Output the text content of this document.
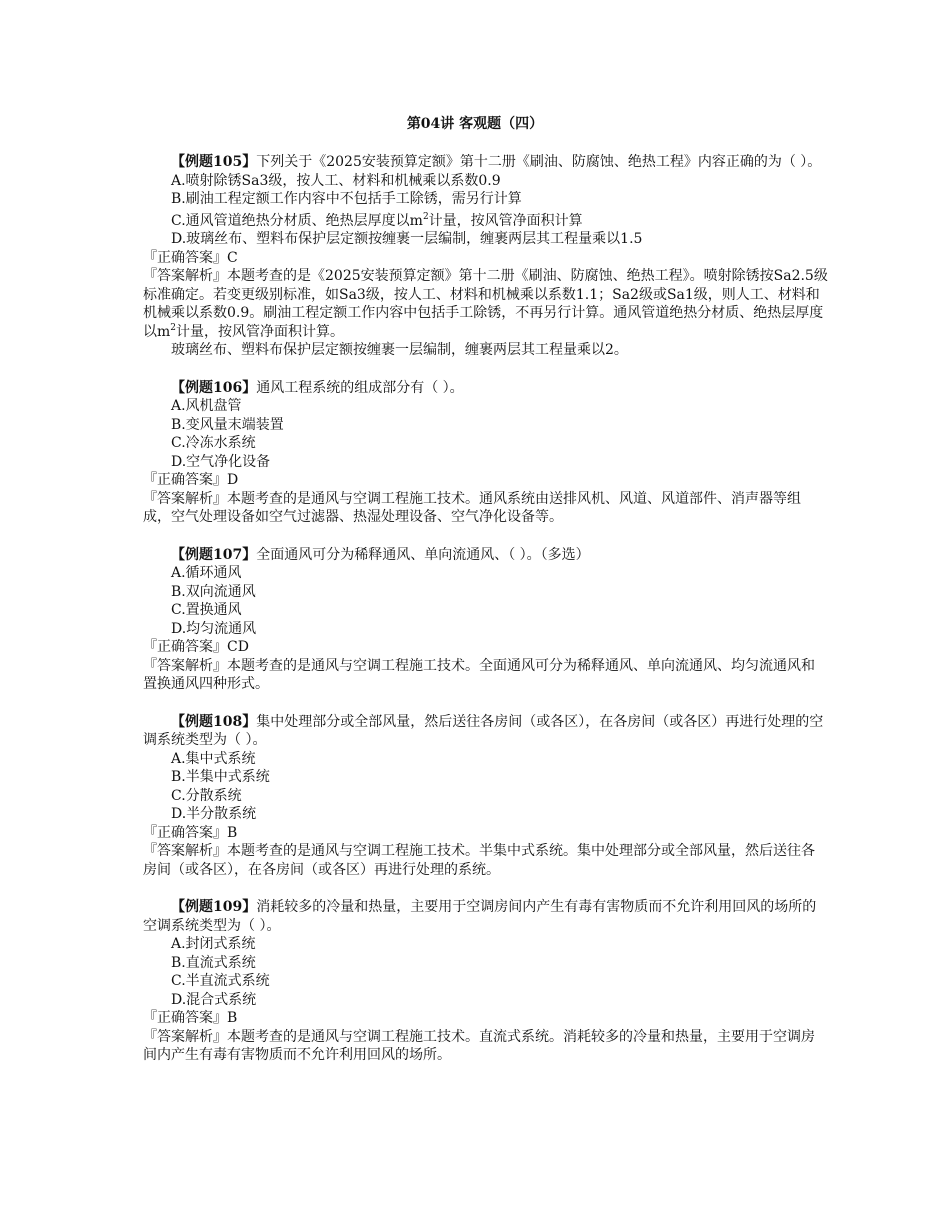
第04讲 客观题（四）

【例题105】下列关于《2025安装预算定额》第十二册《刷油、防腐蚀、绝热工程》内容正确的为（ ）。

A.喷射除锈Sa3级，按人工、材料和机械乘以系数0.9

B.刷油工程定额工作内容中不包括手工除锈，需另行计算

C.通风管道绝热分材质、绝热层厚度以$m^2$计量，按风管净面积计算

D.玻璃丝布、塑料布保护层定额按缠裹一层编制，缠裹两层其工程量乘以1.5

『正确答案』C

『答案解析』本题考查的是《2025安装预算定额》第十二册《刷油、防腐蚀、绝热工程》。喷射除锈按Sa2.5级标准确定。若变更级别标准，如Sa3级，按人工、材料和机械乘以系数1.1；Sa2级或Sa1级，则人工、材料和机械乘以系数0.9。刷油工程定额工作内容中包括手工除锈，不再另行计算。通风管道绝热分材质、绝热层厚度以$m^2$计量，按风管净面积计算。

玻璃丝布、塑料布保护层定额按缠裹一层编制，缠裹两层其工程量乘以2。

【例题106】通风工程系统的组成部分有（ ）。

A.风机盘管

B.变风量末端装置

C.冷冻水系统

D.空气净化设备

『正确答案』D

『答案解析』本题考查的是通风与空调工程施工技术。通风系统由送排风机、风道、风道部件、消声器等组成，空气处理设备如空气过滤器、热湿处理设备、空气净化设备等。

【例题107】全面通风可分为稀释通风、单向流通风、（ ）。（多选）

A.循环通风

B.双向流通风

C.置换通风

D.均匀流通风

『正确答案』CD

『答案解析』本题考查的是通风与空调工程施工技术。全面通风可分为稀释通风、单向流通风、均匀流通风和置换通风四种形式。

【例题108】集中处理部分或全部风量，然后送往各房间（或各区），在各房间（或各区）再进行处理的空调系统类型为（ ）。

A.集中式系统

B.半集中式系统

C.分散系统

D.半分散系统

『正确答案』B

『答案解析』本题考查的是通风与空调工程施工技术。半集中式系统。集中处理部分或全部风量，然后送往各房间（或各区），在各房间（或各区）再进行处理的系统。

【例题109】消耗较多的冷量和热量，主要用于空调房间内产生有毒有害物质而不允许利用回风的场所的空调系统类型为（ ）。

A.封闭式系统

B.直流式系统

C.半直流式系统

D.混合式系统

『正确答案』B

『答案解析』本题考查的是通风与空调工程施工技术。直流式系统。消耗较多的冷量和热量，主要用于空调房间内产生有毒有害物质而不允许利用回风的场所。
